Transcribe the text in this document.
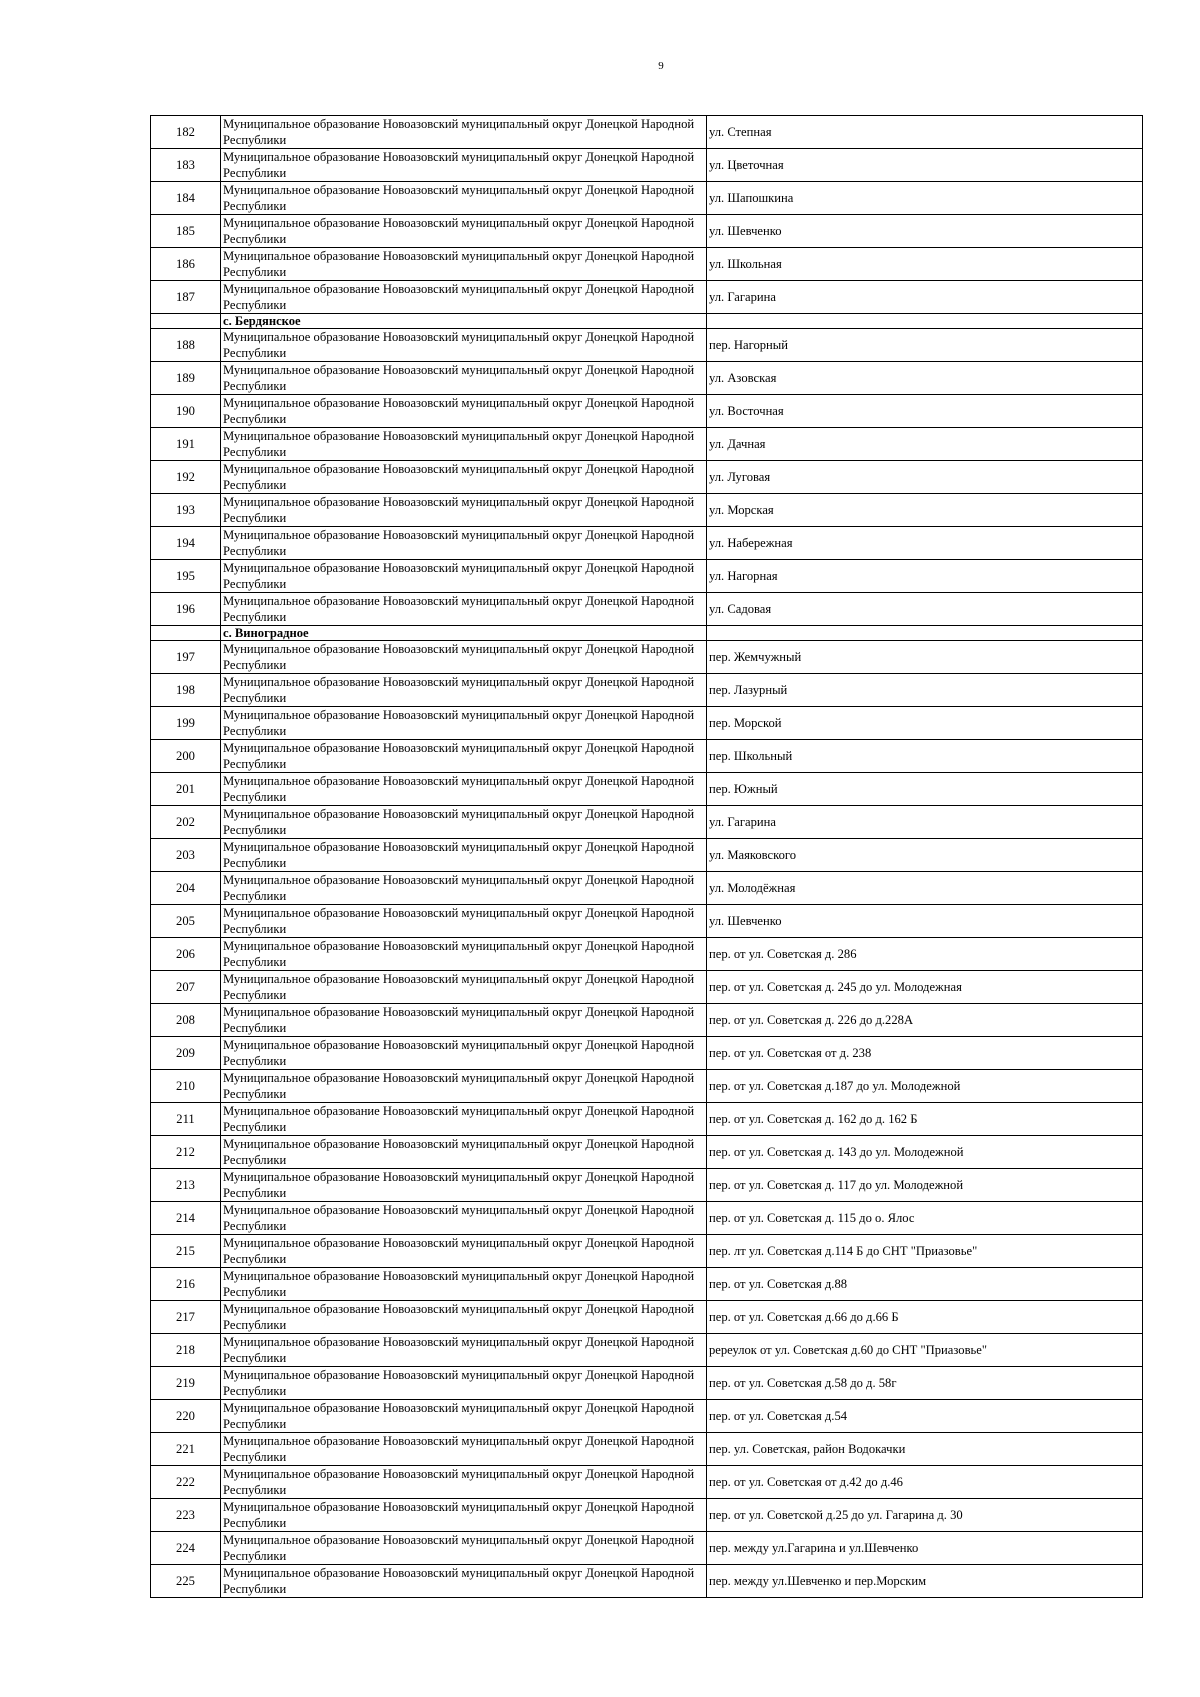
9
182	Муниципальное образование Новоазовский муниципальный округ Донецкой Народной Республики	ул. Степная
183	Муниципальное образование Новоазовский муниципальный округ Донецкой Народной Республики	ул. Цветочная
184	Муниципальное образование Новоазовский муниципальный округ Донецкой Народной Республики	ул. Шапошкина
185	Муниципальное образование Новоазовский муниципальный округ Донецкой Народной Республики	ул. Шевченко
186	Муниципальное образование Новоазовский муниципальный округ Донецкой Народной Республики	ул. Школьная
187	Муниципальное образование Новоазовский муниципальный округ Донецкой Народной Республики	ул. Гагарина
	с. Бердянское	
188	Муниципальное образование Новоазовский муниципальный округ Донецкой Народной Республики	пер. Нагорный
189	Муниципальное образование Новоазовский муниципальный округ Донецкой Народной Республики	ул. Азовская
190	Муниципальное образование Новоазовский муниципальный округ Донецкой Народной Республики	ул. Восточная
191	Муниципальное образование Новоазовский муниципальный округ Донецкой Народной Республики	ул. Дачная
192	Муниципальное образование Новоазовский муниципальный округ Донецкой Народной Республики	ул. Луговая
193	Муниципальное образование Новоазовский муниципальный округ Донецкой Народной Республики	ул. Морская
194	Муниципальное образование Новоазовский муниципальный округ Донецкой Народной Республики	ул. Набережная
195	Муниципальное образование Новоазовский муниципальный округ Донецкой Народной Республики	ул. Нагорная
196	Муниципальное образование Новоазовский муниципальный округ Донецкой Народной Республики	ул. Садовая
	с. Виноградное	
197	Муниципальное образование Новоазовский муниципальный округ Донецкой Народной Республики	пер. Жемчужный
198	Муниципальное образование Новоазовский муниципальный округ Донецкой Народной Республики	пер. Лазурный
199	Муниципальное образование Новоазовский муниципальный округ Донецкой Народной Республики	пер. Морской
200	Муниципальное образование Новоазовский муниципальный округ Донецкой Народной Республики	пер. Школьный
201	Муниципальное образование Новоазовский муниципальный округ Донецкой Народной Республики	пер. Южный
202	Муниципальное образование Новоазовский муниципальный округ Донецкой Народной Республики	ул. Гагарина
203	Муниципальное образование Новоазовский муниципальный округ Донецкой Народной Республики	ул. Маяковского
204	Муниципальное образование Новоазовский муниципальный округ Донецкой Народной Республики	ул. Молодёжная
205	Муниципальное образование Новоазовский муниципальный округ Донецкой Народной Республики	ул. Шевченко
206	Муниципальное образование Новоазовский муниципальный округ Донецкой Народной Республики	пер. от ул. Советская д. 286
207	Муниципальное образование Новоазовский муниципальный округ Донецкой Народной Республики	пер. от ул. Советская д. 245 до ул. Молодежная
208	Муниципальное образование Новоазовский муниципальный округ Донецкой Народной Республики	пер. от ул. Советская д. 226 до д.228А
209	Муниципальное образование Новоазовский муниципальный округ Донецкой Народной Республики	пер. от ул. Советская от д. 238
210	Муниципальное образование Новоазовский муниципальный округ Донецкой Народной Республики	пер. от ул. Советская д.187 до ул. Молодежной
211	Муниципальное образование Новоазовский муниципальный округ Донецкой Народной Республики	пер. от ул. Советская д. 162 до д. 162 Б
212	Муниципальное образование Новоазовский муниципальный округ Донецкой Народной Республики	пер. от ул. Советская д. 143 до ул. Молодежной
213	Муниципальное образование Новоазовский муниципальный округ Донецкой Народной Республики	пер. от ул. Советская д. 117 до ул. Молодежной
214	Муниципальное образование Новоазовский муниципальный округ Донецкой Народной Республики	пер. от ул. Советская д. 115 до о. Ялос
215	Муниципальное образование Новоазовский муниципальный округ Донецкой Народной Республики	пер. лт ул. Советская д.114 Б до СНТ "Приазовье"
216	Муниципальное образование Новоазовский муниципальный округ Донецкой Народной Республики	пер. от ул. Советская д.88
217	Муниципальное образование Новоазовский муниципальный округ Донецкой Народной Республики	пер. от ул. Советская д.66 до д.66 Б
218	Муниципальное образование Новоазовский муниципальный округ Донецкой Народной Республики	ререулок от ул. Советская д.60 до СНТ "Приазовье"
219	Муниципальное образование Новоазовский муниципальный округ Донецкой Народной Республики	пер. от ул. Советская д.58 до д. 58г
220	Муниципальное образование Новоазовский муниципальный округ Донецкой Народной Республики	пер. от ул. Советская д.54
221	Муниципальное образование Новоазовский муниципальный округ Донецкой Народной Республики	пер. ул. Советская, район Водокачки
222	Муниципальное образование Новоазовский муниципальный округ Донецкой Народной Республики	пер. от ул. Советская от д.42 до д.46
223	Муниципальное образование Новоазовский муниципальный округ Донецкой Народной Республики	пер. от ул. Советской д.25 до ул. Гагарина д. 30
224	Муниципальное образование Новоазовский муниципальный округ Донецкой Народной Республики	пер. между ул.Гагарина и ул.Шевченко
225	Муниципальное образование Новоазовский муниципальный округ Донецкой Народной Республики	пер. между ул.Шевченко и пер.Морским
